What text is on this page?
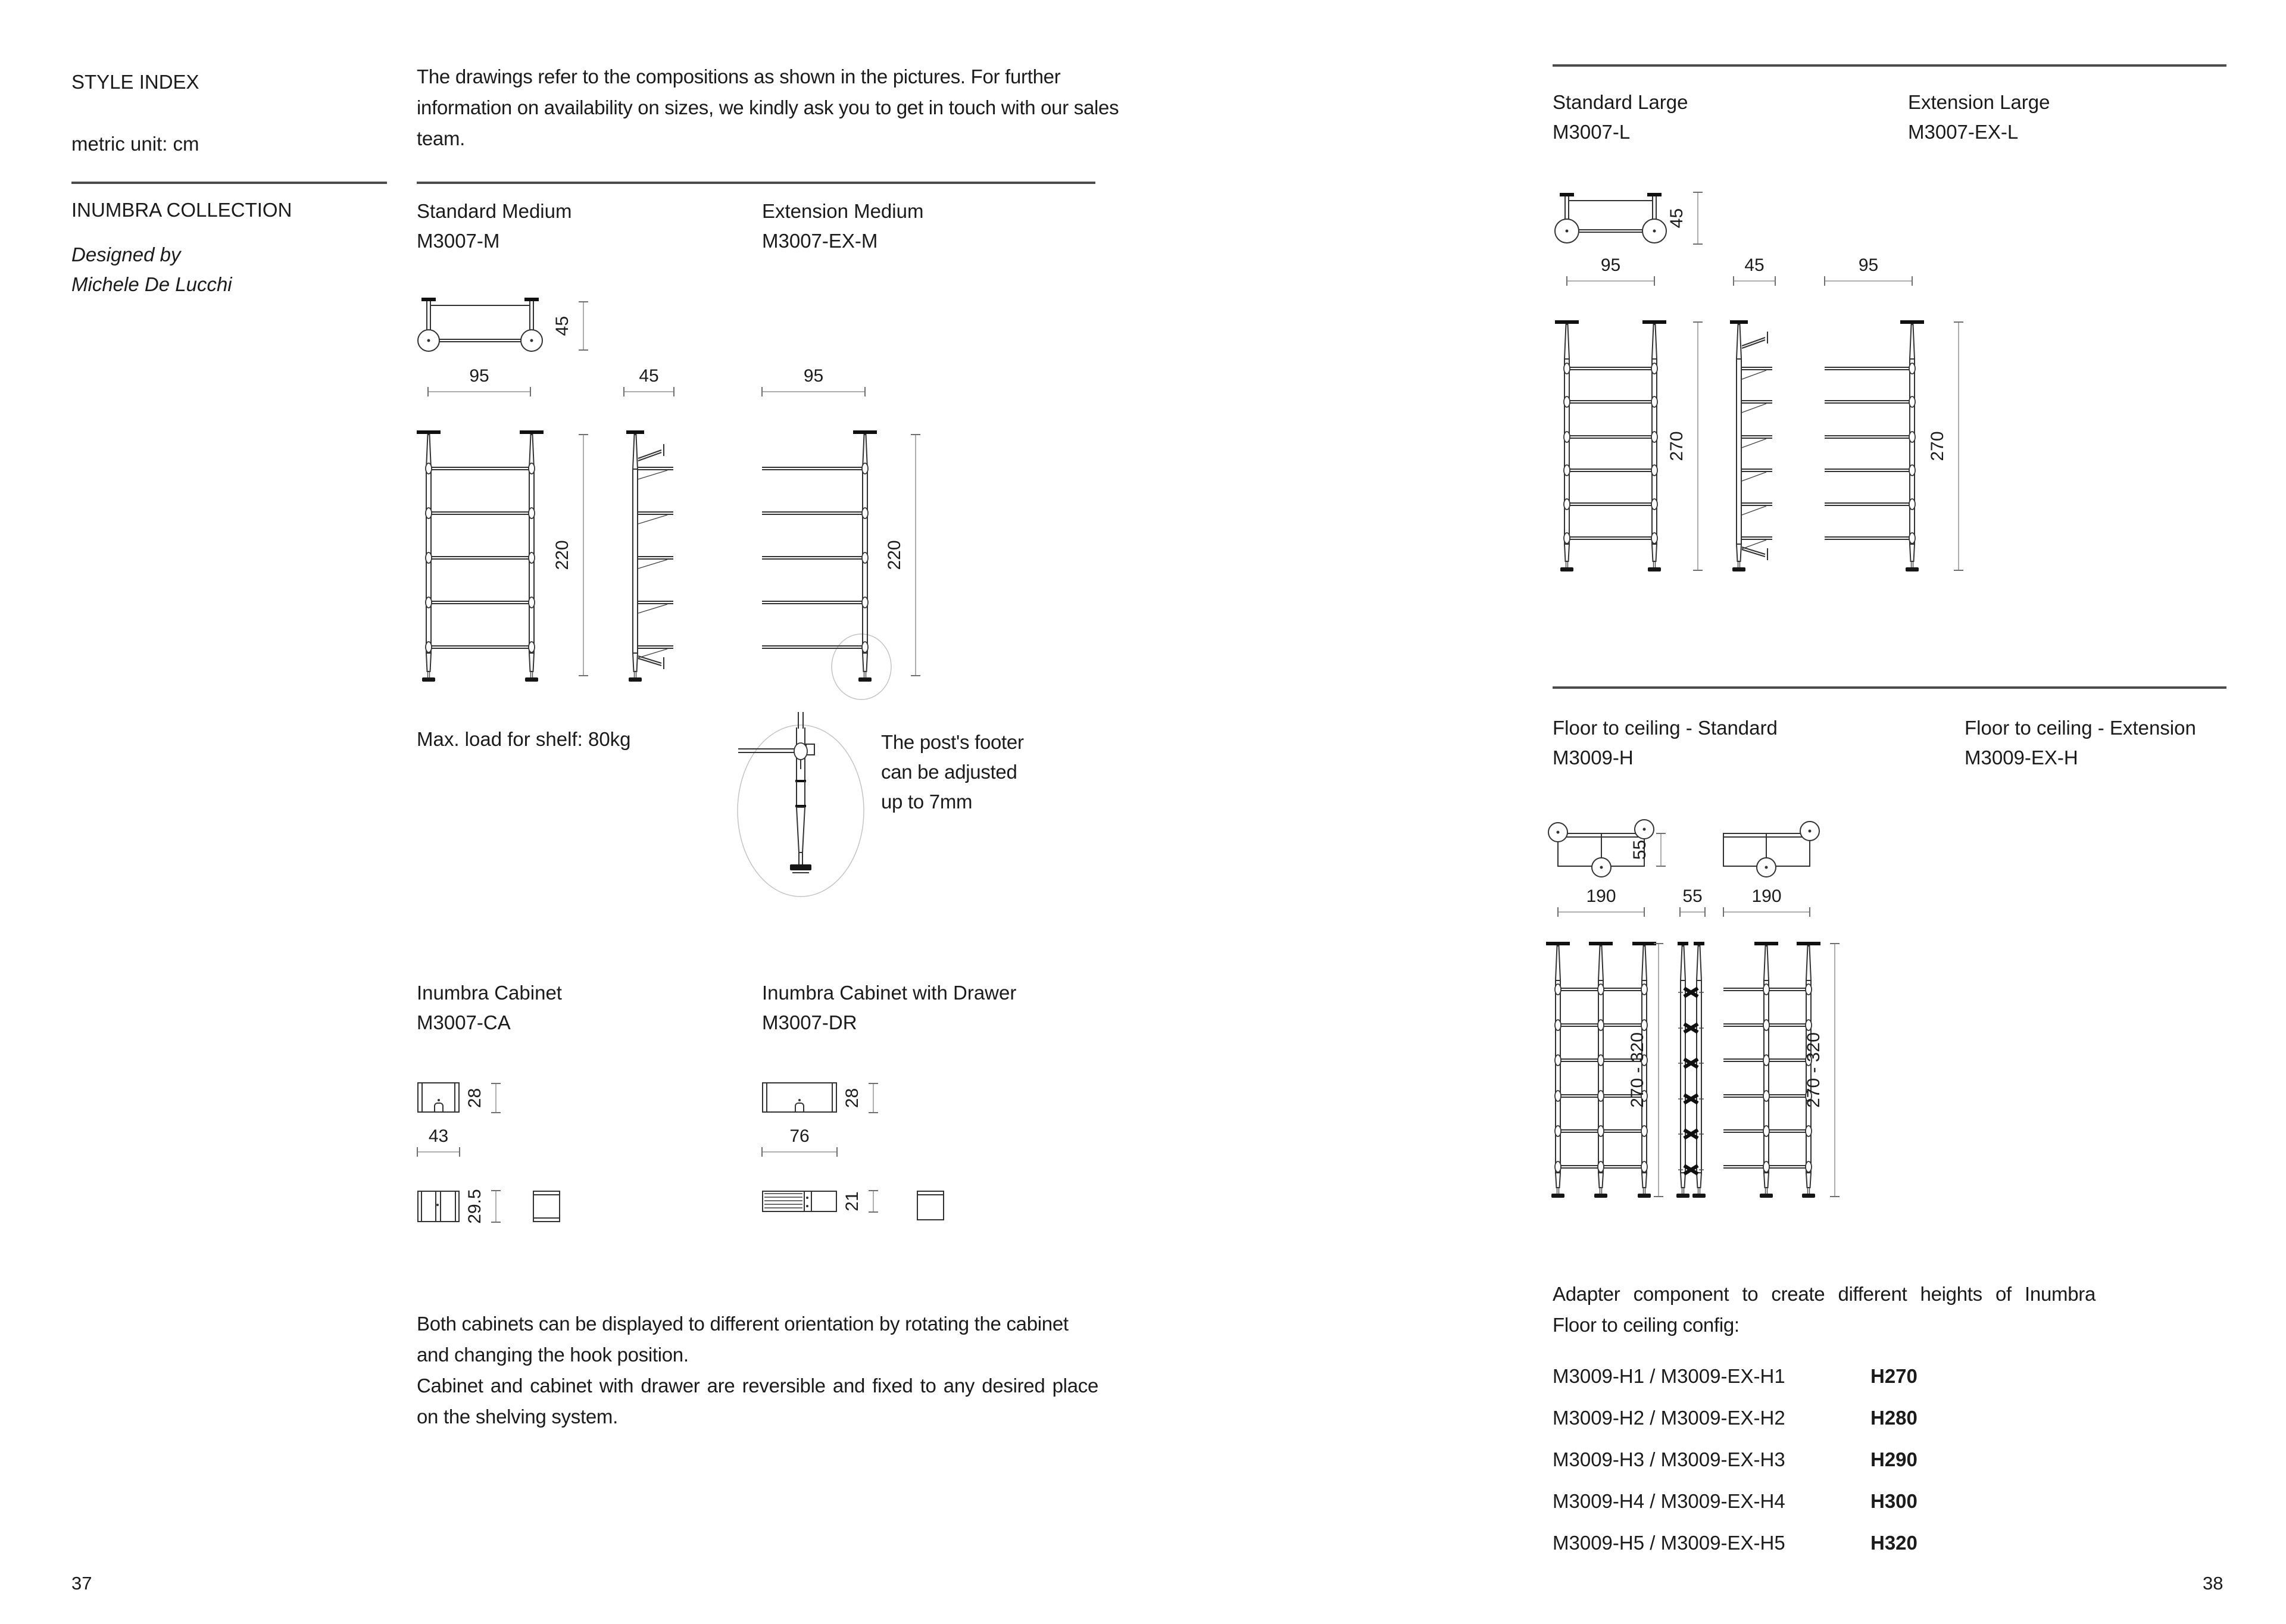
STYLE INDEX
metric unit: cm
INUMBRA COLLECTION
Designed by
Michele De Lucchi
The drawings refer to the compositions as shown in the pictures. For further information on availability on sizes, we kindly ask you to get in touch with our sales team.
Standard Medium
M3007-M
Extension Medium
M3007-EX-M
Max. load for shelf: 80kg	The post's footer can be adjusted up to 7mm
Inumbra Cabinet
M3007-CA
Inumbra Cabinet with Drawer
M3007-DR
Both cabinets can be displayed to different orientation by rotating the cabinet and changing the hook position.
Cabinet and cabinet with drawer are reversible and fixed to any desired place on the shelving system.
37
Standard Large
M3007-L
Extension Large
M3007-EX-L
Floor to ceiling - Standard
M3009-H
Floor to ceiling - Extension
M3009-EX-H
Adapter component to create different heights of Inumbra
Floor to ceiling config:
M3009-H1 / M3009-EX-H1	H270
M3009-H2 / M3009-EX-H2	H280
M3009-H3 / M3009-EX-H3	H290
M3009-H4 / M3009-EX-H4	H300
M3009-H5 / M3009-EX-H5	H320
38
95	45	95
43	76
95	45	95
190	55	190
45
220	220
28
29.5
28
21
45
270	270
55
270 - 320	270 - 320
